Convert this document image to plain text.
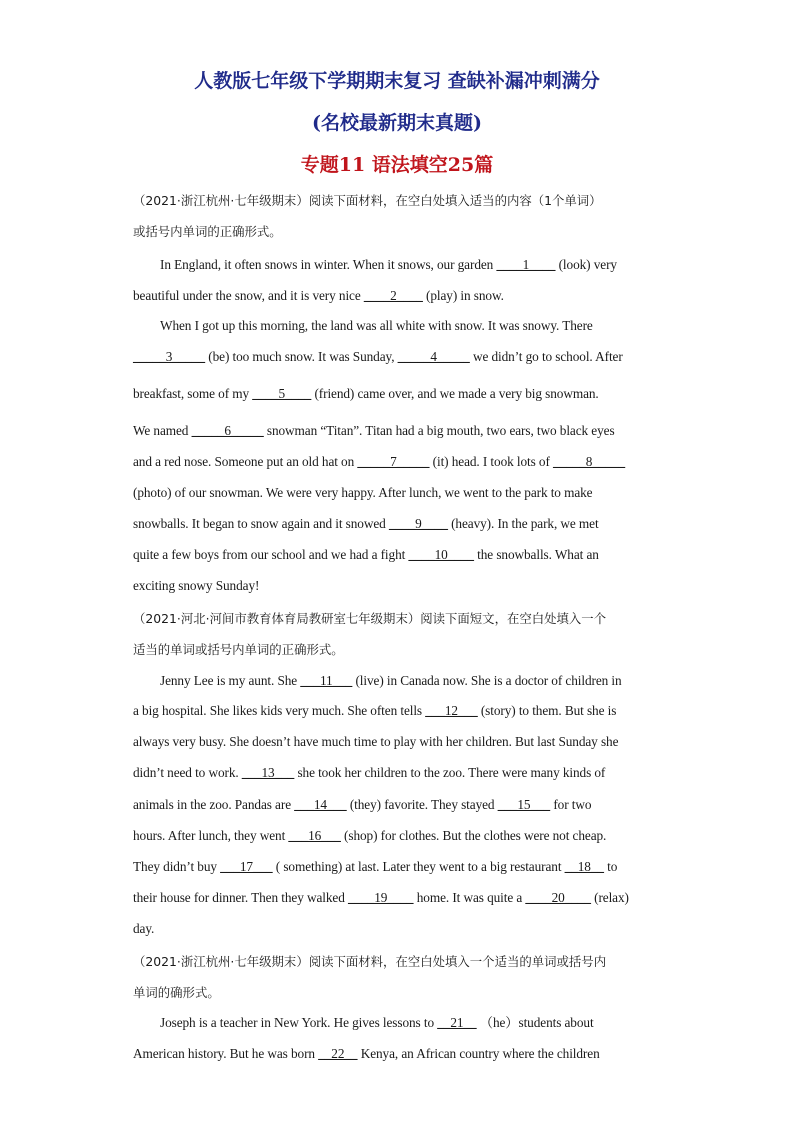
人教版七年级下学期期末复习 查缺补漏冲刺满分
(名校最新期末真题)
专题11 语法填空25篇
（2021·浙江杭州·七年级期末）阅读下面材料，在空白处填入适当的内容（1个单词）
或括号内单词的正确形式。
In England, it often snows in winter. When it snows, our garden ____1____ (look) very
beautiful under the snow, and it is very nice ____2____ (play) in snow.
When I got up this morning, the land was all white with snow. It was snowy. There
_____3_____ (be) too much snow. It was Sunday, _____4_____ we didn’t go to school. After
breakfast, some of my ____5____ (friend) came over, and we made a very big snowman.
We named _____6_____ snowman “Titan”. Titan had a big mouth, two ears, two black eyes
and a red nose. Someone put an old hat on _____7_____ (it) head. I took lots of _____8_____
(photo) of our snowman. We were very happy. After lunch, we went to the park to make
snowballs. It began to snow again and it snowed ____9____ (heavy). In the park, we met
quite a few boys from our school and we had a fight ____10____ the snowballs. What an
exciting snowy Sunday!
（2021·河北·河间市教育体育局教研室七年级期末）阅读下面短文，在空白处填入一个
适当的单词或括号内单词的正确形式。
Jenny Lee is my aunt. She ___11___ (live) in Canada now. She is a doctor of children in
a big hospital. She likes kids very much. She often tells ___12___ (story) to them. But she is
always very busy. She doesn’t have much time to play with her children. But last Sunday she
didn’t need to work. ___13___ she took her children to the zoo. There were many kinds of
animals in the zoo. Pandas are ___14___ (they) favorite. They stayed ___15___ for two
hours. After lunch, they went ___16___ (shop) for clothes. But the clothes were not cheap.
They didn’t buy ___17___ ( something) at last. Later they went to a big restaurant __18__ to
their house for dinner. Then they walked ____19____ home. It was quite a ____20____ (relax)
day.
（2021·浙江杭州·七年级期末）阅读下面材料，在空白处填入一个适当的单词或括号内
单词的确形式。
Joseph is a teacher in New York. He gives lessons to __21__ （he）students about
American history. But he was born __22__ Kenya, an African country where the children
